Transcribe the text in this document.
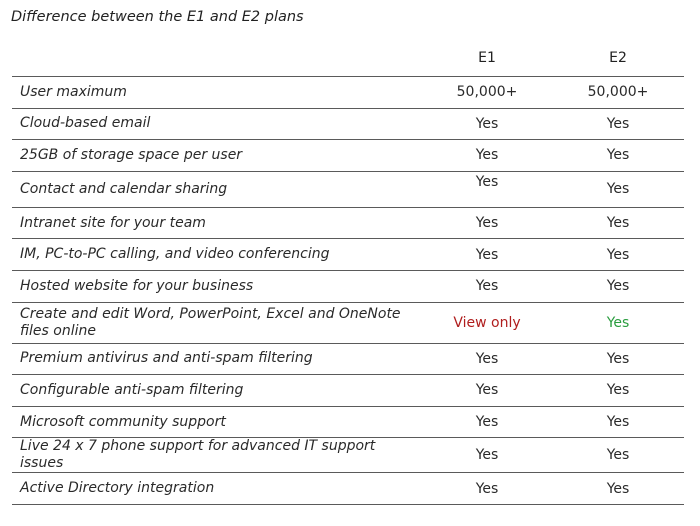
Difference between the E1 and E2 plans
	E1	E2
User maximum	50,000+	50,000+
Cloud-based email	Yes	Yes
25GB of storage space per user	Yes	Yes
Contact and calendar sharing	Yes	Yes
Intranet site for your team	Yes	Yes
IM, PC-to-PC calling, and video conferencing	Yes	Yes
Hosted website for your business	Yes	Yes
Create and edit Word, PowerPoint, Excel and OneNote files online	View only	Yes
Premium antivirus and anti-spam filtering	Yes	Yes
Configurable anti-spam filtering	Yes	Yes
Microsoft community support	Yes	Yes
Live 24 x 7 phone support for advanced IT support issues	Yes	Yes
Active Directory integration	Yes	Yes
